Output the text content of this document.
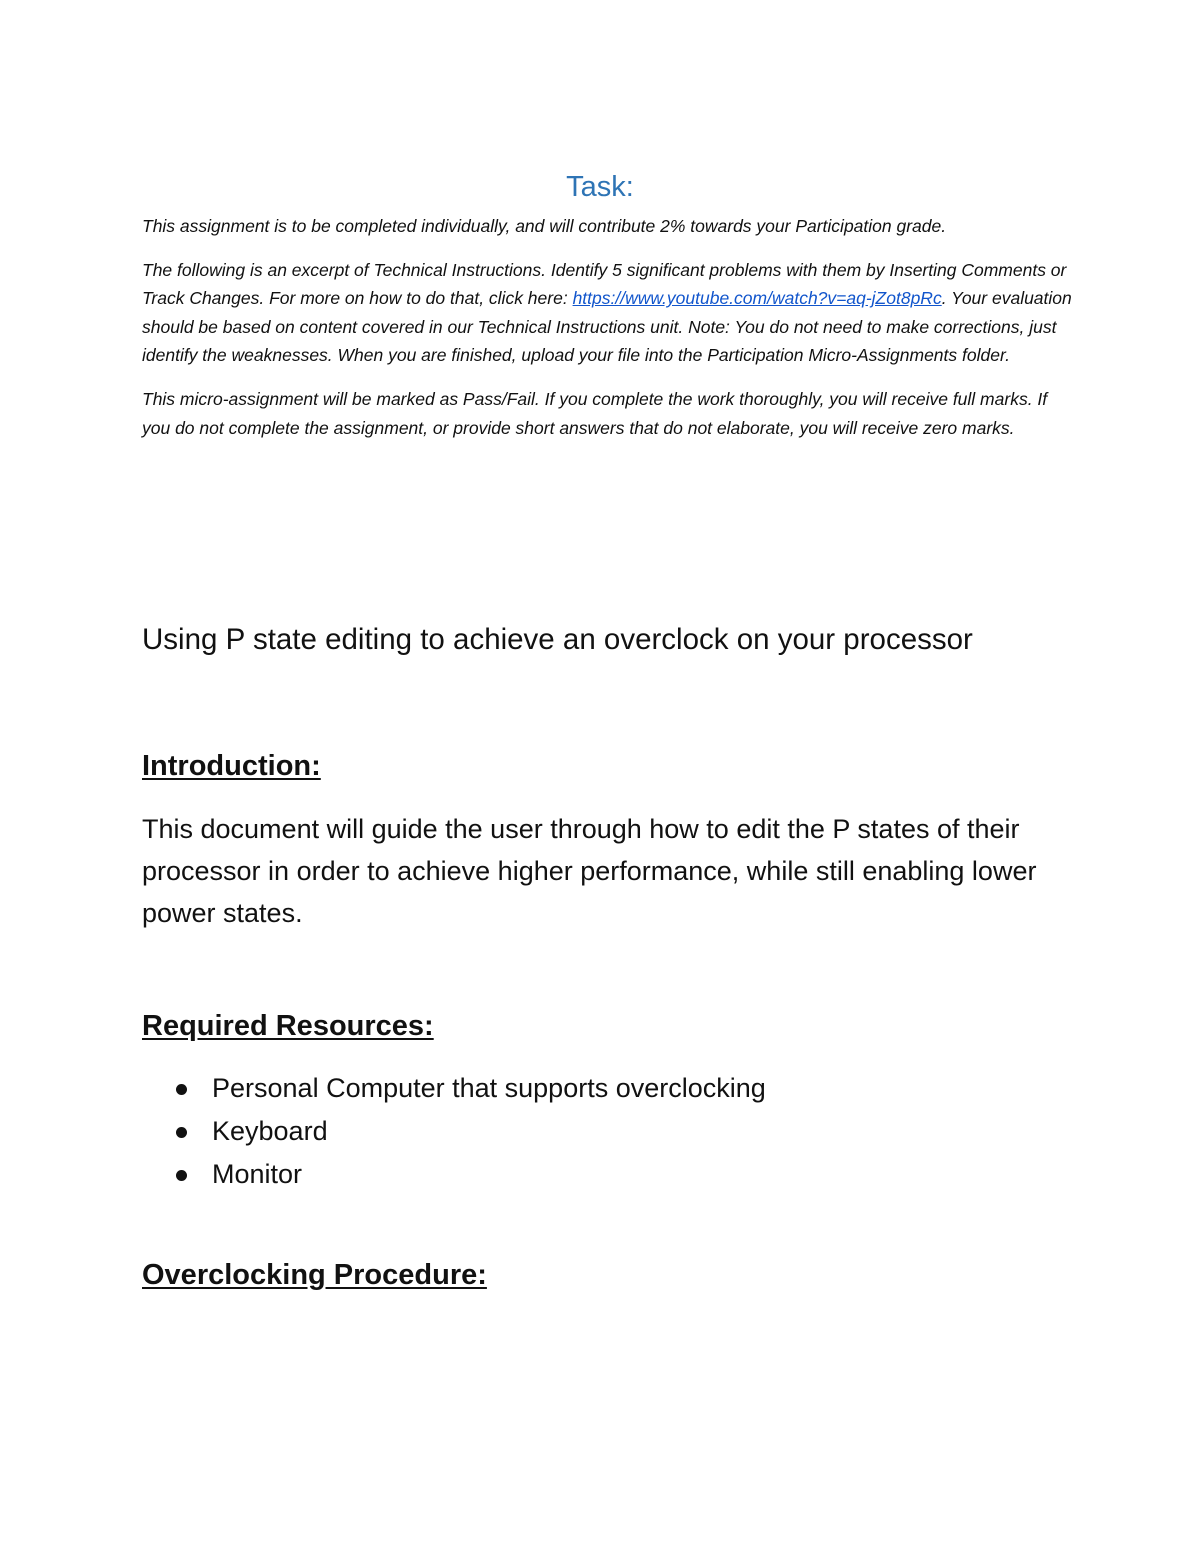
Task:

This assignment is to be completed individually, and will contribute 2% towards your Participation grade.

The following is an excerpt of Technical Instructions. Identify 5 significant problems with them by Inserting Comments or Track Changes. For more on how to do that, click here: https://www.youtube.com/watch?v=aq-jZot8pRc. Your evaluation should be based on content covered in our Technical Instructions unit. Note: You do not need to make corrections, just identify the weaknesses. When you are finished, upload your file into the Participation Micro-Assignments folder.

This micro-assignment will be marked as Pass/Fail. If you complete the work thoroughly, you will receive full marks. If you do not complete the assignment, or provide short answers that do not elaborate, you will receive zero marks.

Using P state editing to achieve an overclock on your processor
Introduction:

This document will guide the user through how to edit the P states of their processor in order to achieve higher performance, while still enabling lower power states.

Required Resources:
Personal Computer that supports overclocking
Keyboard
Monitor
Overclocking Procedure:
